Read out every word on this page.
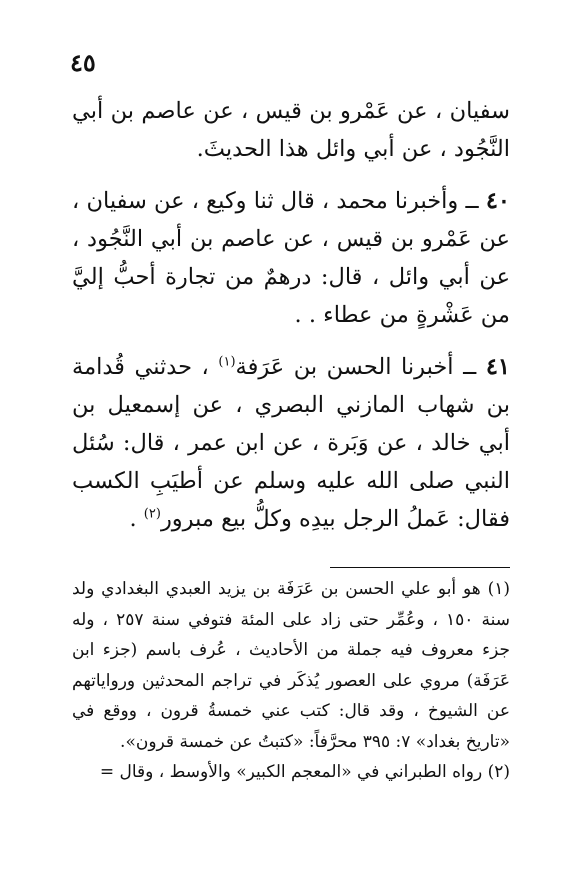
٤٥

سفيان ، عن عَمْرو بن قيس ، عن عاصم بن أبي النَّجُود ، عن أبي وائل هذا الحديثَ.

٤٠ ــ وأخبرنا محمد ، قال ثنا وكيع ، عن سفيان ، عن عَمْرو بن قيس ، عن عاصم بن أبي النَّجُود ، عن أبي وائل ، قال: درهمٌ من تجارة أحبُّ إليَّ من عَشْرةٍ من عطاء . .

٤١ ــ أخبرنا الحسن بن عَرَفة$^{(١)}$ ، حدثني قُدامة بن شهاب المازني البصري ، عن إسمعيل بن أبي خالد ، عن وَبَرة ، عن ابن عمر ، قال: سُئل النبي صلى الله عليه وسلم عن أطيَبِ الكسب فقال: عَملُ الرجل بيدِه وكلُّ بيع مبرور$^{(٢)}$ .

(١) هو أبو علي الحسن بن عَرَفَة بن يزيد العبدي البغدادي ولد سنة ١٥٠ ، وعُمِّر حتى زاد على المئة فتوفي سنة ٢٥٧ ، وله جزء معروف فيه جملة من الأحاديث ، عُرف باسم (جزء ابن عَرَفَة) مروي على العصور يُذكَر في تراجم المحدثين ورواياتهم عن الشيوخ ، وقد قال: كتب عني خمسةُ قرون ، ووقع في «تاريخ بغداد» ٧: ٣٩٥ محرَّفاً: «كتبتُ عن خمسة قرون».

(٢) رواه الطبراني في «المعجم الكبير» والأوسط ، وقال =
